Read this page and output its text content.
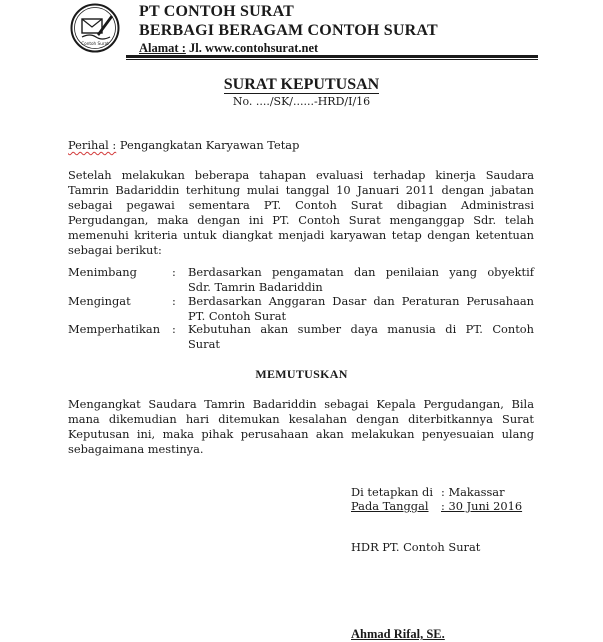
Contoh Surat
PT CONTOH SURAT
BERBAGI BERAGAM CONTOH SURAT
Alamat : Jl. www.contohsurat.net
SURAT KEPUTUSAN
No. ..../SK/......-HRD/I/16
Perihal : Pengangkatan Karyawan Tetap
Setelah melakukan beberapa tahapan evaluasi terhadap kinerja Saudara
Tamrin Badariddin terhitung mulai tanggal 10 Januari 2011 dengan jabatan
sebagai pegawai sementara PT. Contoh Surat dibagian Administrasi
Pergudangan, maka dengan ini PT. Contoh Surat menganggap Sdr. telah
memenuhi kriteria untuk diangkat menjadi karyawan tetap dengan ketentuan
sebagai berikut:
Menimbang	: Berdasarkan pengamatan dan penilaian yang obyektif
Sdr. Tamrin Badariddin
Mengingat	: Berdasarkan Anggaran Dasar dan Peraturan Perusahaan
PT. Contoh Surat
Memperhatikan : Kebutuhan akan sumber daya manusia di PT. Contoh
Surat
MEMUTUSKAN
Mengangkat Saudara Tamrin Badariddin sebagai Kepala Pergudangan, Bila
mana dikemudian hari ditemukan kesalahan dengan diterbitkannya Surat
Keputusan ini, maka pihak perusahaan akan melakukan penyesuaian ulang
sebagaimana mestinya.
Di tetapkan di : Makassar
Pada Tanggal	: 30 Juni 2016
HDR PT. Contoh Surat
Ahmad Rifal, SE.
